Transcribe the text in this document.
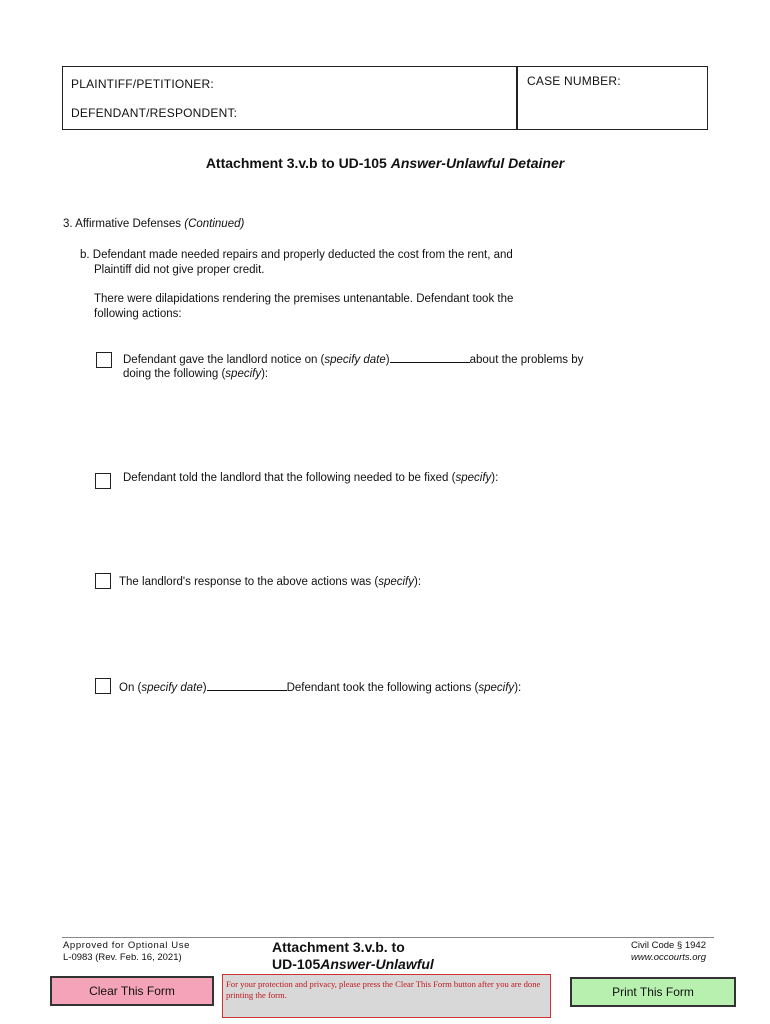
PLAINTIFF/PETITIONER:
DEFENDANT/RESPONDENT:
CASE NUMBER:
Attachment 3.v.b to UD-105 Answer-Unlawful Detainer
3. Affirmative Defenses (Continued)
b. Defendant made needed repairs and properly deducted the cost from the rent, and
Plaintiff did not give proper credit.
There were dilapidations rendering the premises untenantable. Defendant took the
following actions:
Defendant gave the landlord notice on (specify date)	about the problems by
doing the following (specify):
Defendant told the landlord that the following needed to be fixed (specify):
The landlord's response to the above actions was (specify):
On (specify date)	Defendant took the following actions (specify):
Approved for Optional Use
L-0983 (Rev. Feb. 16, 2021)
Attachment 3.v.b. to
UD-105Answer-Unlawful
Civil Code § 1942
www.occourts.org
Clear This Form	For your protection and privacy, please press the Clear This Form button after you are done printing the form.	Print This Form
